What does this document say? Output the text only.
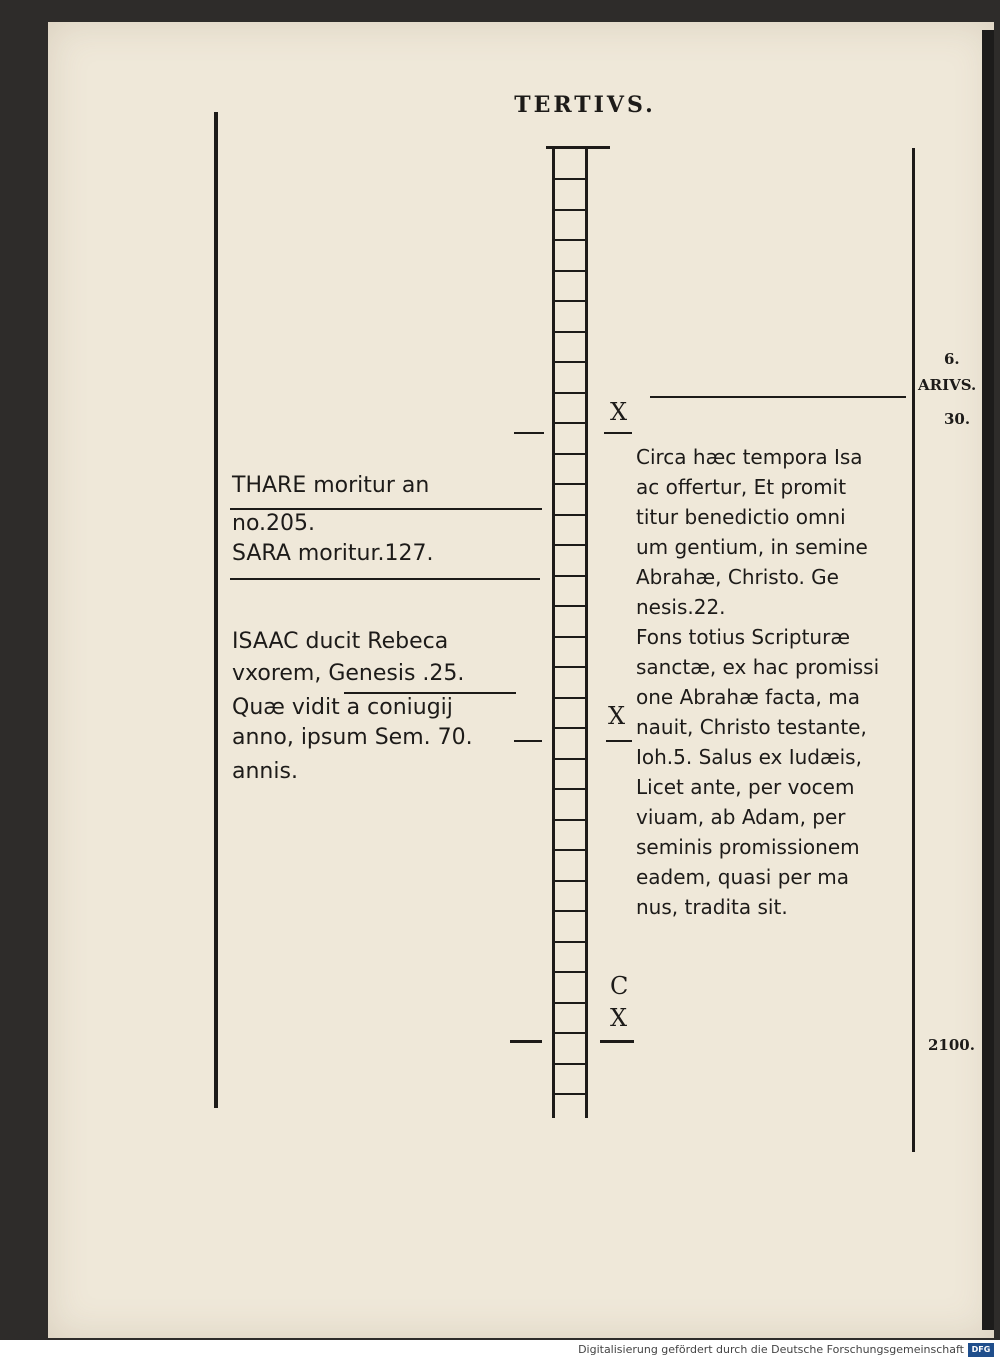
TERTIVS.
THARE moritur an
no.205.
SARA moritur.127.
ISAAC ducit Rebeca
vxorem, Genesis .25.
Quæ vidit a coniugij
anno, ipsum Sem. 70.
annis.
Circa hæc tempora Isa
ac offertur, Et promit
titur benedictio omni
um gentium, in semine
Abrahæ, Christo. Ge
nesis.22.
Fons totius Scripturæ
sanctæ, ex hac promissi
one Abrahæ facta, ma
nauit, Christo testante,
Ioh.5. Salus ex Iudæis,
Licet ante, per vocem
viuam, ab Adam, per
seminis promissionem
eadem, quasi per ma
nus, tradita sit.
X
X
C
X
6.
ARIVS.
30.
2100.
Digitalisierung gefördert durch die Deutsche Forschungsgemeinschaft DFG
